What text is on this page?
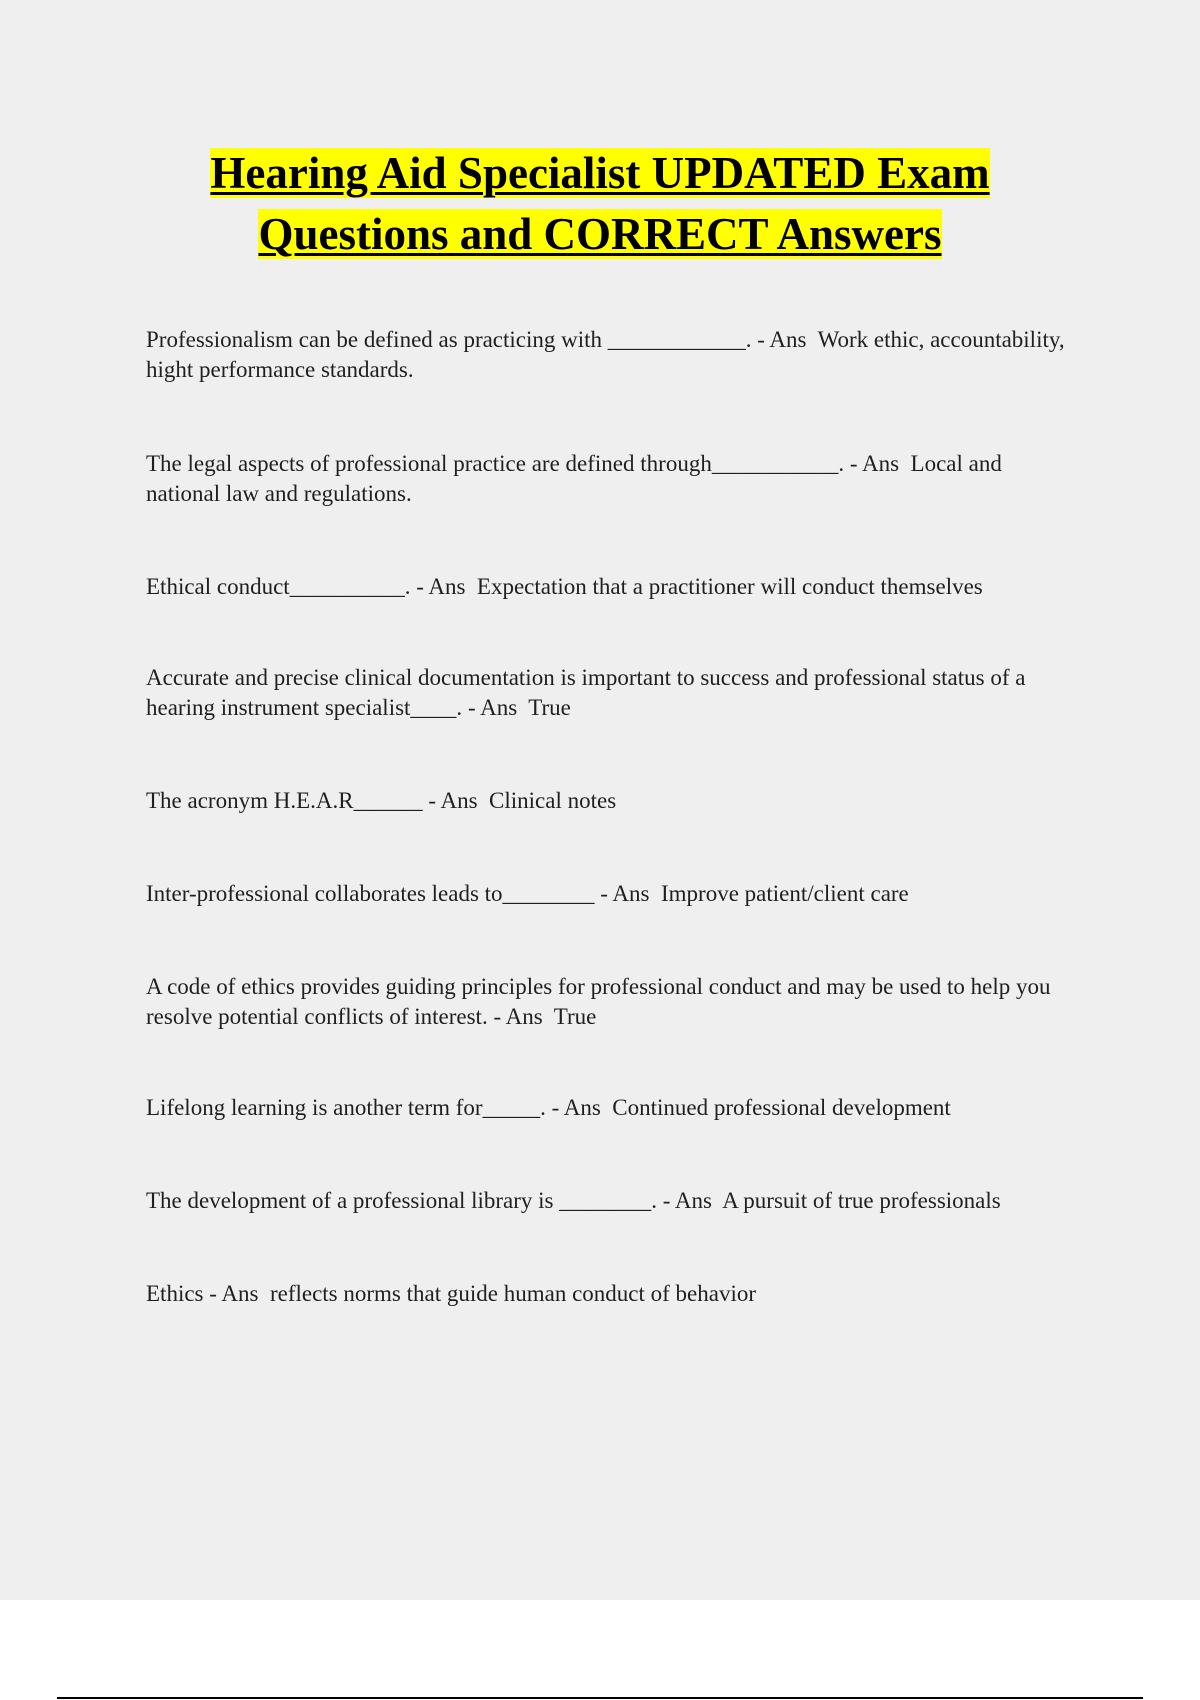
Hearing Aid Specialist UPDATED Exam
Questions and CORRECT Answers

Professionalism can be defined as practicing with ____________. - Ans  Work ethic, accountability, hight performance standards.

The legal aspects of professional practice are defined through___________. - Ans  Local and national law and regulations.

Ethical conduct__________. - Ans  Expectation that a practitioner will conduct themselves

Accurate and precise clinical documentation is important to success and professional status of a hearing instrument specialist____. - Ans  True

The acronym H.E.A.R______ - Ans  Clinical notes

Inter-professional collaborates leads to________ - Ans  Improve patient/client care

A code of ethics provides guiding principles for professional conduct and may be used to help you resolve potential conflicts of interest. - Ans  True

Lifelong learning is another term for_____. - Ans  Continued professional development

The development of a professional library is ________. - Ans  A pursuit of true professionals

Ethics - Ans  reflects norms that guide human conduct of behavior
